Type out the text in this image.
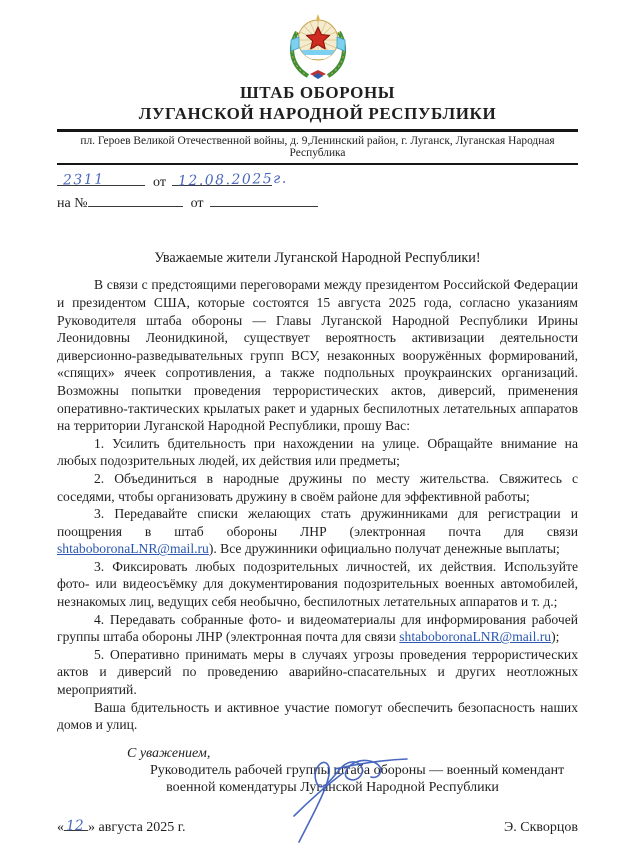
ШТАБ ОБОРОНЫ
ЛУГАНСКОЙ НАРОДНОЙ РЕСПУБЛИКИ
пл. Героев Великой Отечественной войны, д. 9,Ленинский район, г. Луганск, Луганская Народная Республика
2311	от 12.08.2025г.
на №	от
Уважаемые жители Луганской Народной Республики!

В связи с предстоящими переговорами между президентом Российской Федерации и президентом США, которые состоятся 15 августа 2025 года, согласно указаниям Руководителя штаба обороны — Главы Луганской Народной Республики Ирины Леонидовны Леонидкиной, существует вероятность активизации деятельности диверсионно-разведывательных групп ВСУ, незаконных вооружённых формирований, «спящих» ячеек сопротивления, а также подпольных проукраинских организаций. Возможны попытки проведения террористических актов, диверсий, применения оперативно-тактических крылатых ракет и ударных беспилотных летательных аппаратов на территории Луганской Народной Республики, прошу Вас:

1. Усилить бдительность при нахождении на улице. Обращайте внимание на любых подозрительных людей, их действия или предметы;

2. Объединиться в народные дружины по месту жительства. Свяжитесь с соседями, чтобы организовать дружину в своём районе для эффективной работы;

3. Передавайте списки желающих стать дружинниками для регистрации и поощрения в штаб обороны ЛНР (электронная почта для связи shtaboboronaLNR@mail.ru). Все дружинники официально получат денежные выплаты;

3. Фиксировать любых подозрительных личностей, их действия. Используйте фото- или видеосъёмку для документирования подозрительных военных автомобилей, незнакомых лиц, ведущих себя необычно, беспилотных летательных аппаратов и т. д.;

4. Передавать собранные фото- и видеоматериалы для информирования рабочей группы штаба обороны ЛНР (электронная почта для связи shtaboboronaLNR@mail.ru);

5. Оперативно принимать меры в случаях угрозы проведения террористических актов и диверсий по проведению аварийно-спасательных и других неотложных мероприятий.

Ваша бдительность и активное участие помогут обеспечить безопасность наших домов и улиц.

С уважением,
Руководитель рабочей группы штаба обороны — военный комендант
военной комендатуры Луганской Народной Республики
« 12 » августа 2025 г.	Э. Скворцов
